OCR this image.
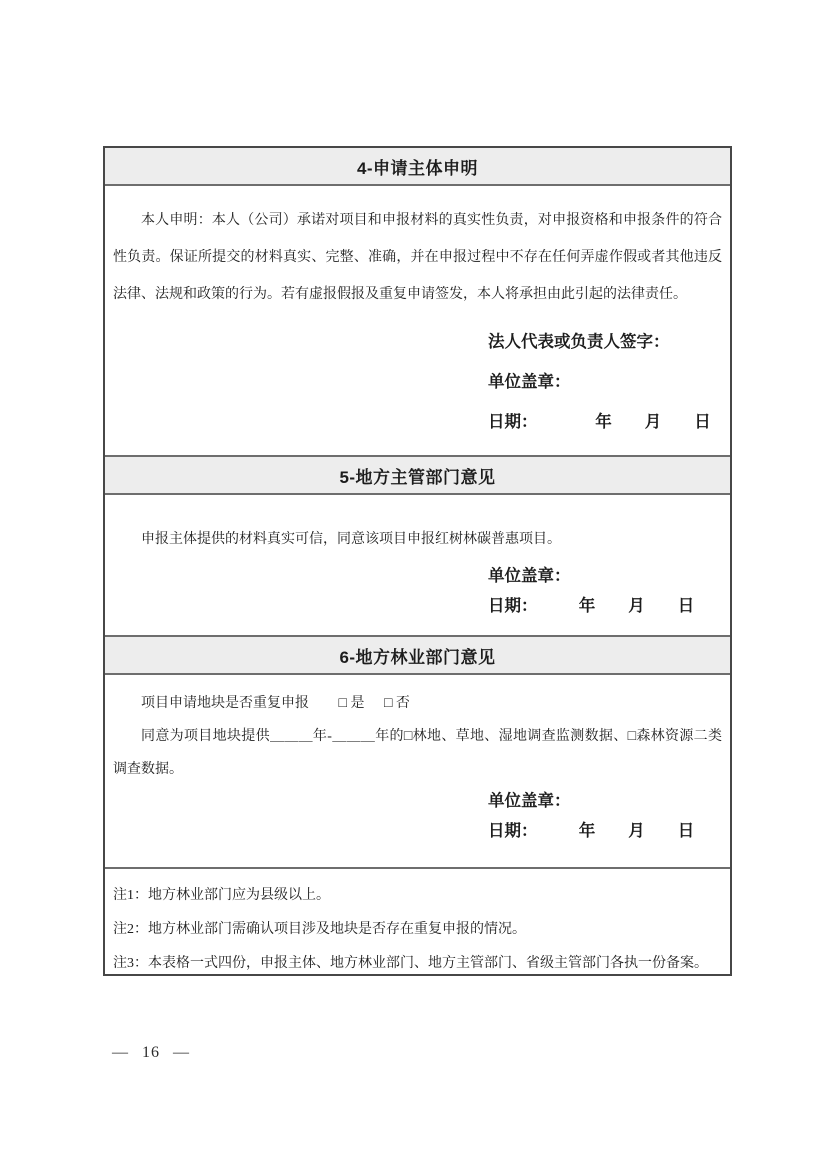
4-申请主体申明

本人申明：本人（公司）承诺对项目和申报材料的真实性负责，对申报资格和申报条件的符合性负责。保证所提交的材料真实、完整、准确，并在申报过程中不存在任何弄虚作假或者其他违反法律、法规和政策的行为。若有虚报假报及重复申请签发，本人将承担由此引起的法律责任。

法人代表或负责人签字：
单位盖章：
日期：　　　　年　　月　　日
5-地方主管部门意见

申报主体提供的材料真实可信，同意该项目申报红树林碳普惠项目。

单位盖章：
日期：　　　年　　月　　日
6-地方林业部门意见

项目申请地块是否重复申报 □ 是 □ 否

同意为项目地块提供＿＿＿年-＿＿＿年的□林地、草地、湿地调查监测数据、□森林资源二类调查数据。

单位盖章：
日期：　　　年　　月　　日

注1：地方林业部门应为县级以上。

注2：地方林业部门需确认项目涉及地块是否存在重复申报的情况。

注3：本表格一式四份，申报主体、地方林业部门、地方主管部门、省级主管部门各执一份备案。

— 16 —
